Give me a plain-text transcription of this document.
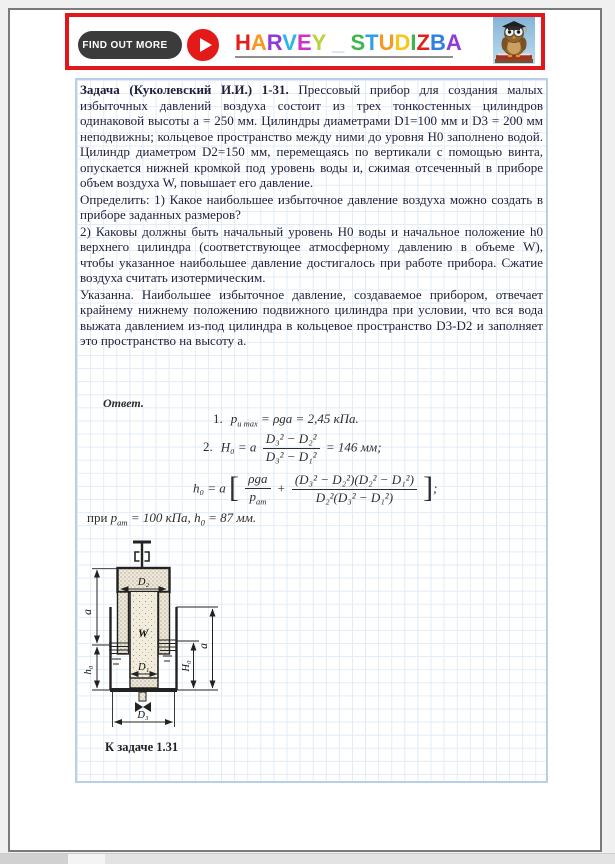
FIND OUT MORE	HARVEY _ STUDIZBA

Задача (Куколевский И.И.) 1-31. Прессовый прибор для создания малых избыточных давлений воздуха состоит из трех тонкостенных цилиндров одинаковой высоты a = 250 мм. Цилиндры диаметрами D1=100 мм и D3 = 200 мм неподвижны; кольцевое пространство между ними до уровня H0 заполнено водой. Цилиндр диаметром D2=150 мм, перемещаясь по вертикали с помощью винта, опускается нижней кромкой под уровень воды и, сжимая отсеченный в приборе объем воздуха W, повышает его давление.

Определить: 1) Какое наибольшее избыточное давление воздуха можно создать в приборе заданных размеров?

2) Каковы должны быть начальный уровень H0 воды и начальное положение h0 верхнего цилиндра (соответствующее атмосферному давлению в объеме W), чтобы указанное наибольшее давление достигалось при работе прибора. Сжатие воздуха считать изотермическим.

Указанна. Наибольшее избыточное давление, создаваемое прибором, отвечает крайнему нижнему положению подвижного цилиндра при условии, что вся вода выжата давлением из-под цилиндра в кольцевое пространство D3-D2 и заполняет это пространство на высоту a.

Ответ.
1. $p_{и max} = \rho ga = 2,45$ кПа.
2. H₀ = a $\frac{\text{D₃² − D₂²}}{\text{D₃² − D₁²}} = 146$ мм;
h₀ = a [ $\frac{\text{ρga}}{p_{ат}} + \frac{\text{(D₃² − D₂²)(D₂² − D₁²)}}{\text{D₂²(D₃² − D₁²)}}$ ];
при $p_{ат} = 100$ кПа, $h_0 = 87$ мм.
D₂
W
D₁
a
h₀	H₀
a
D₃
К задаче 1.31
